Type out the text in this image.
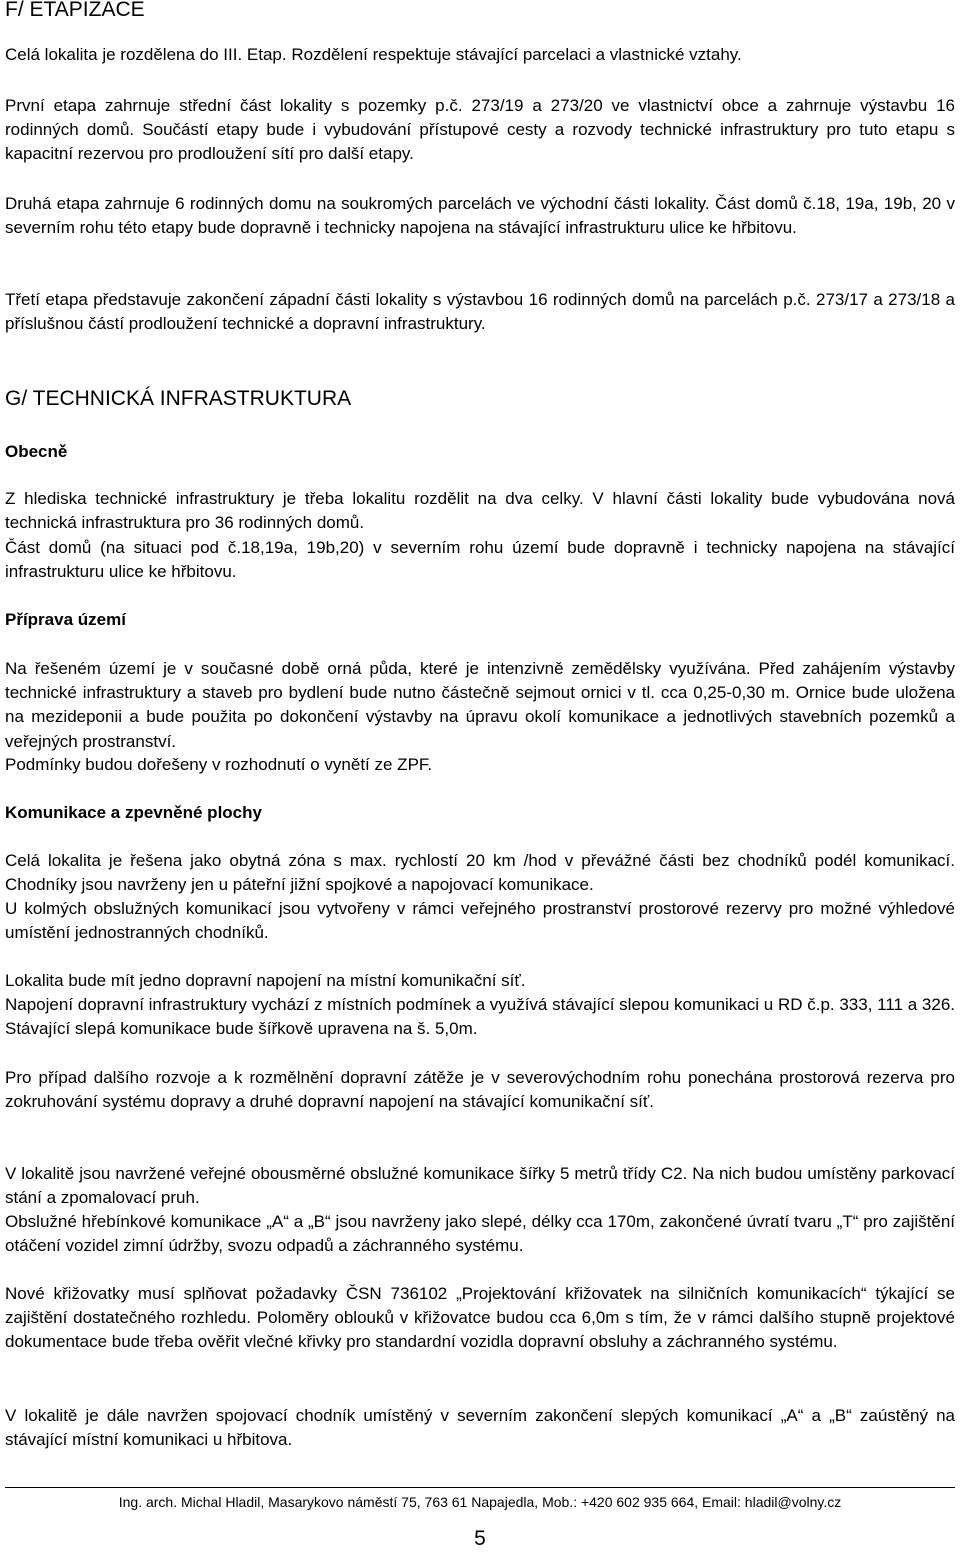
F/ ETAPIZACE

Celá lokalita je rozdělena do III. Etap. Rozdělení respektuje stávající parcelaci a vlastnické vztahy.

První etapa zahrnuje střední část lokality s pozemky p.č. 273/19 a 273/20 ve vlastnictví obce a zahrnuje výstavbu 16 rodinných domů. Součástí etapy bude i vybudování přístupové cesty a rozvody technické infrastruktury pro tuto etapu s kapacitní rezervou pro prodloužení sítí pro další etapy.

Druhá etapa zahrnuje 6 rodinných domu na soukromých parcelách ve východní části lokality. Část domů č.18, 19a, 19b, 20 v severním rohu této etapy bude dopravně i technicky napojena na stávající infrastrukturu ulice ke hřbitovu.

Třetí etapa představuje zakončení západní části lokality s výstavbou 16 rodinných domů na parcelách p.č. 273/17 a 273/18 a příslušnou částí prodloužení technické a dopravní infrastruktury.

G/ TECHNICKÁ INFRASTRUKTURA
Obecně

Z hlediska technické infrastruktury je třeba lokalitu rozdělit na dva celky. V hlavní části lokality bude vybudována nová technická infrastruktura pro 36 rodinných domů.

Část domů (na situaci pod č.18,19a, 19b,20) v severním rohu území bude dopravně i technicky napojena na stávající infrastrukturu ulice ke hřbitovu.

Příprava území

Na řešeném území je v současné době orná půda, které je intenzivně zemědělsky využívána. Před zahájením výstavby technické infrastruktury a staveb pro bydlení bude nutno částečně sejmout ornici v tl. cca 0,25-0,30 m. Ornice bude uložena na mezideponii a bude použita po dokončení výstavby na úpravu okolí komunikace a jednotlivých stavebních pozemků a veřejných prostranství.

Podmínky budou dořešeny v rozhodnutí o vynětí ze ZPF.

Komunikace a zpevněné plochy

Celá lokalita je řešena jako obytná zóna s max. rychlostí 20 km /hod v převážné části bez chodníků podél komunikací. Chodníky jsou navrženy jen u páteřní jižní spojkové a napojovací komunikace.

U kolmých obslužných komunikací jsou vytvořeny v rámci veřejného prostranství prostorové rezervy pro možné výhledové umístění jednostranných chodníků.

Lokalita bude mít jedno dopravní napojení na místní komunikační síť.

Napojení dopravní infrastruktury vychází z místních podmínek a využívá stávající slepou komunikaci u RD č.p. 333, 111 a 326. Stávající slepá komunikace bude šířkově upravena na š. 5,0m.

Pro případ dalšího rozvoje a k rozmělnění dopravní zátěže je v severovýchodním rohu ponechána prostorová rezerva pro zokruhování systému dopravy a druhé dopravní napojení na stávající komunikační síť.

V lokalitě jsou navržené veřejné obousměrné obslužné komunikace šířky 5 metrů třídy C2. Na nich budou umístěny parkovací stání a zpomalovací pruh.

Obslužné hřebínkové komunikace „A“ a „B“ jsou navrženy jako slepé, délky cca 170m, zakončené úvratí tvaru „T“ pro zajištění otáčení vozidel zimní údržby, svozu odpadů a záchranného systému.

Nové křižovatky musí splňovat požadavky ČSN 736102 „Projektování křižovatek na silničních komunikacích“ týkající se zajištění dostatečného rozhledu. Poloměry oblouků v křižovatce budou cca 6,0m s tím, že v rámci dalšího stupně projektové dokumentace bude třeba ověřit vlečné křivky pro standardní vozidla dopravní obsluhy a záchranného systému.

V lokalitě je dále navržen spojovací chodník umístěný v severním zakončení slepých komunikací „A“ a „B“ zaústěný na stávající místní komunikaci u hřbitova.

Ing. arch. Michal Hladil, Masarykovo náměstí 75, 763 61 Napajedla, Mob.: +420 602 935 664, Email: hladil@volny.cz
5
